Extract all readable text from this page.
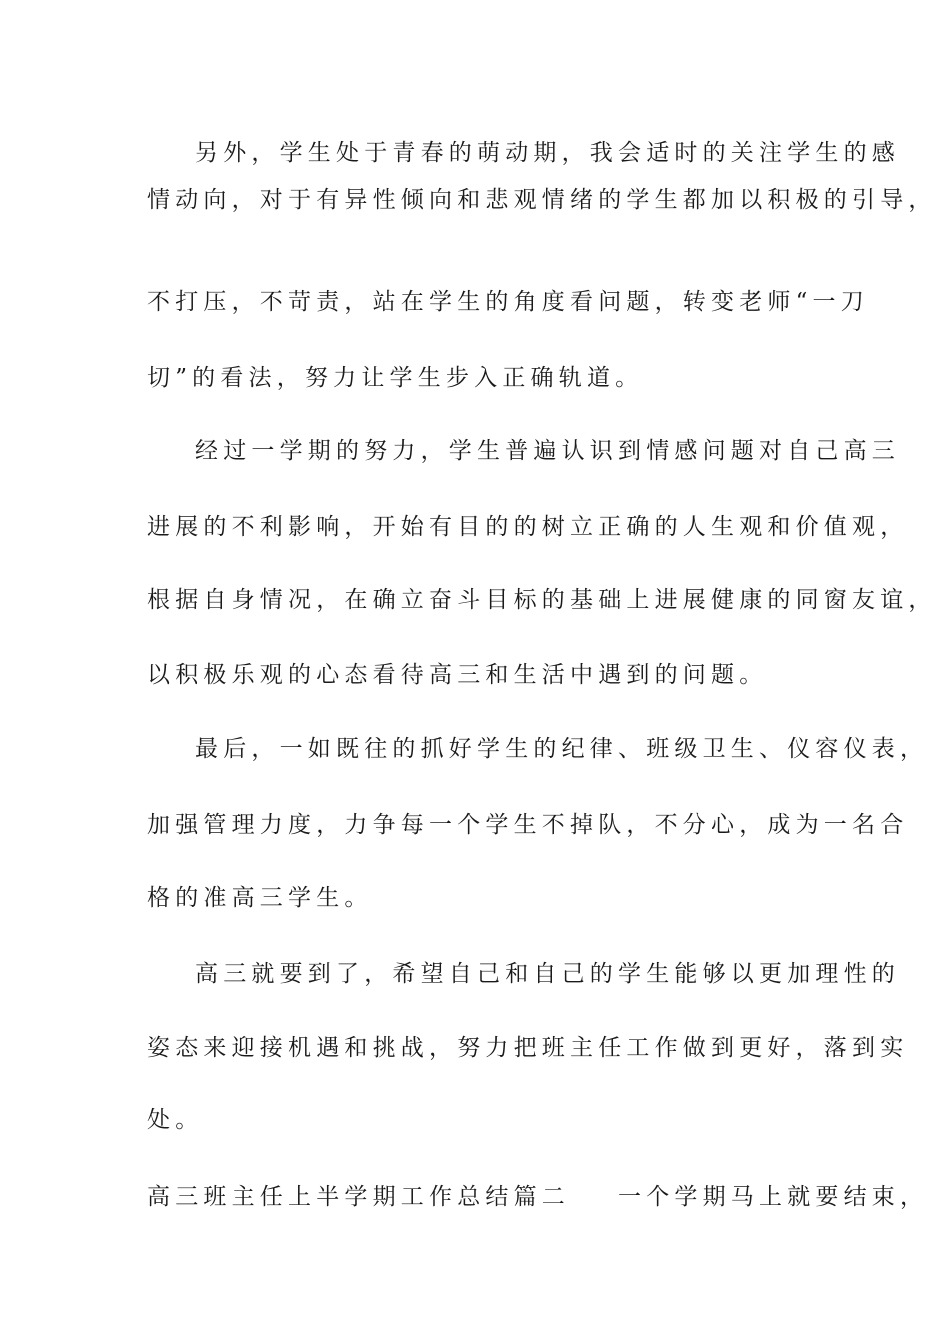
另外，学生处于青春的萌动期，我会适时的关注学生的感

情动向，对于有异性倾向和悲观情绪的学生都加以积极的引导，

不打压，不苛责，站在学生的角度看问题，转变老师“一刀

切”的看法，努力让学生步入正确轨道。

经过一学期的努力，学生普遍认识到情感问题对自己高三

进展的不利影响，开始有目的的树立正确的人生观和价值观，

根据自身情况，在确立奋斗目标的基础上进展健康的同窗友谊，

以积极乐观的心态看待高三和生活中遇到的问题。

最后，一如既往的抓好学生的纪律、班级卫生、仪容仪表，

加强管理力度，力争每一个学生不掉队，不分心，成为一名合

格的准高三学生。

高三就要到了，希望自己和自己的学生能够以更加理性的

姿态来迎接机遇和挑战，努力把班主任工作做到更好，落到实

处。

高三班主任上半学期工作总结篇二 一个学期马上就要结束，
